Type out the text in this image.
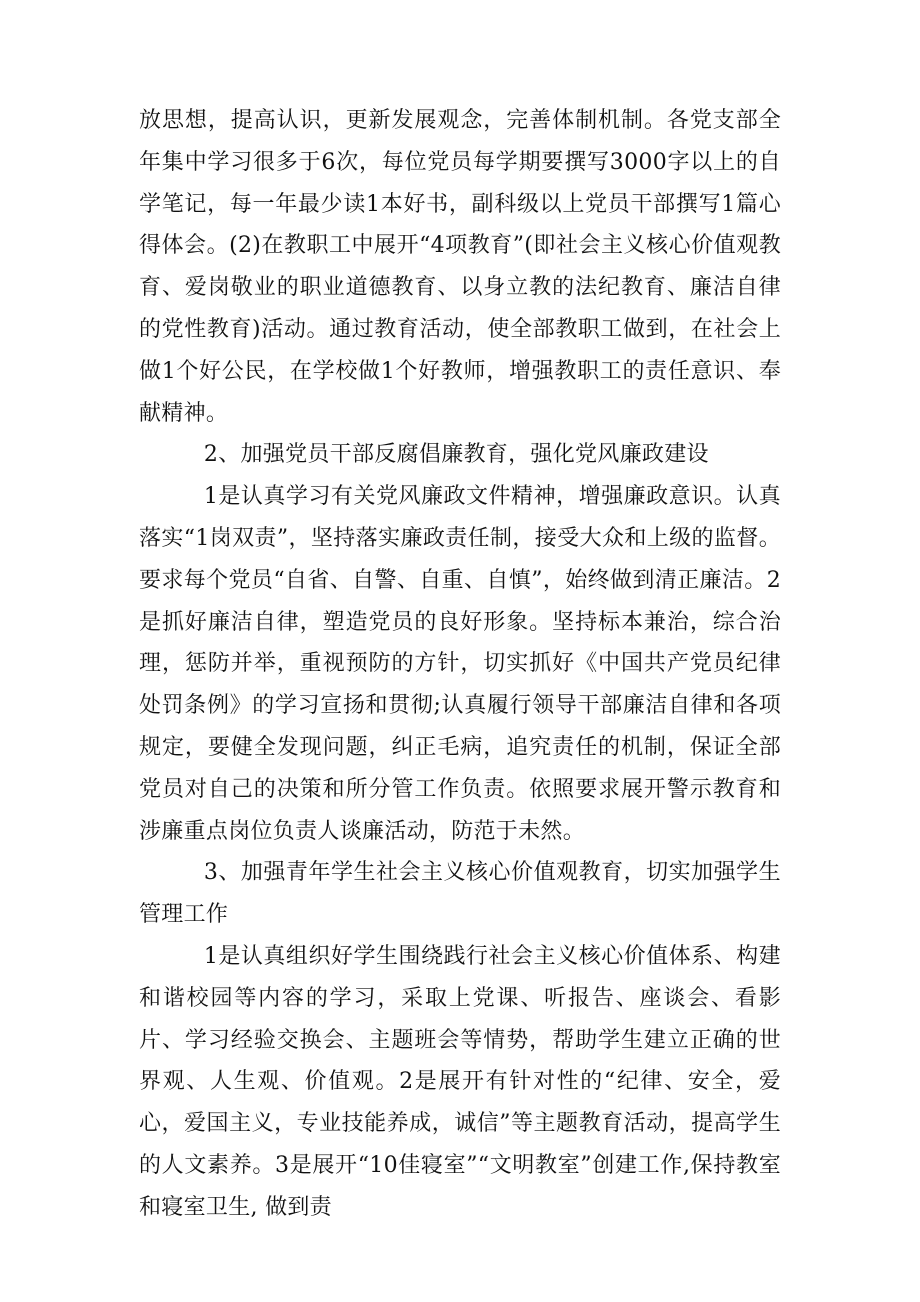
放思想，提高认识，更新发展观念，完善体制机制。各党支部全年集中学习很多于6次，每位党员每学期要撰写3000字以上的自学笔记，每一年最少读1本好书，副科级以上党员干部撰写1篇心得体会。(2)在教职工中展开“4项教育”(即社会主义核心价值观教育、爱岗敬业的职业道德教育、以身立教的法纪教育、廉洁自律的党性教育)活动。通过教育活动，使全部教职工做到，在社会上做1个好公民，在学校做1个好教师，增强教职工的责任意识、奉献精神。

2、加强党员干部反腐倡廉教育，强化党风廉政建设

1是认真学习有关党风廉政文件精神，增强廉政意识。认真落实“1岗双责”，坚持落实廉政责任制，接受大众和上级的监督。要求每个党员“自省、自警、自重、自慎”，始终做到清正廉洁。2是抓好廉洁自律，塑造党员的良好形象。坚持标本兼治，综合治理，惩防并举，重视预防的方针，切实抓好《中国共产党员纪律处罚条例》的学习宣扬和贯彻;认真履行领导干部廉洁自律和各项规定，要健全发现问题，纠正毛病，追究责任的机制，保证全部党员对自己的决策和所分管工作负责。依照要求展开警示教育和涉廉重点岗位负责人谈廉活动，防范于未然。

3、加强青年学生社会主义核心价值观教育，切实加强学生管理工作

1是认真组织好学生围绕践行社会主义核心价值体系、构建和谐校园等内容的学习，采取上党课、听报告、座谈会、看影片、学习经验交换会、主题班会等情势，帮助学生建立正确的世界观、人生观、价值观。2是展开有针对性的“纪律、安全，爱心，爱国主义，专业技能养成，诚信”等主题教育活动，提高学生的人文素养。3是展开“10佳寝室”“文明教室”创建工作,保持教室和寝室卫生, 做到责
